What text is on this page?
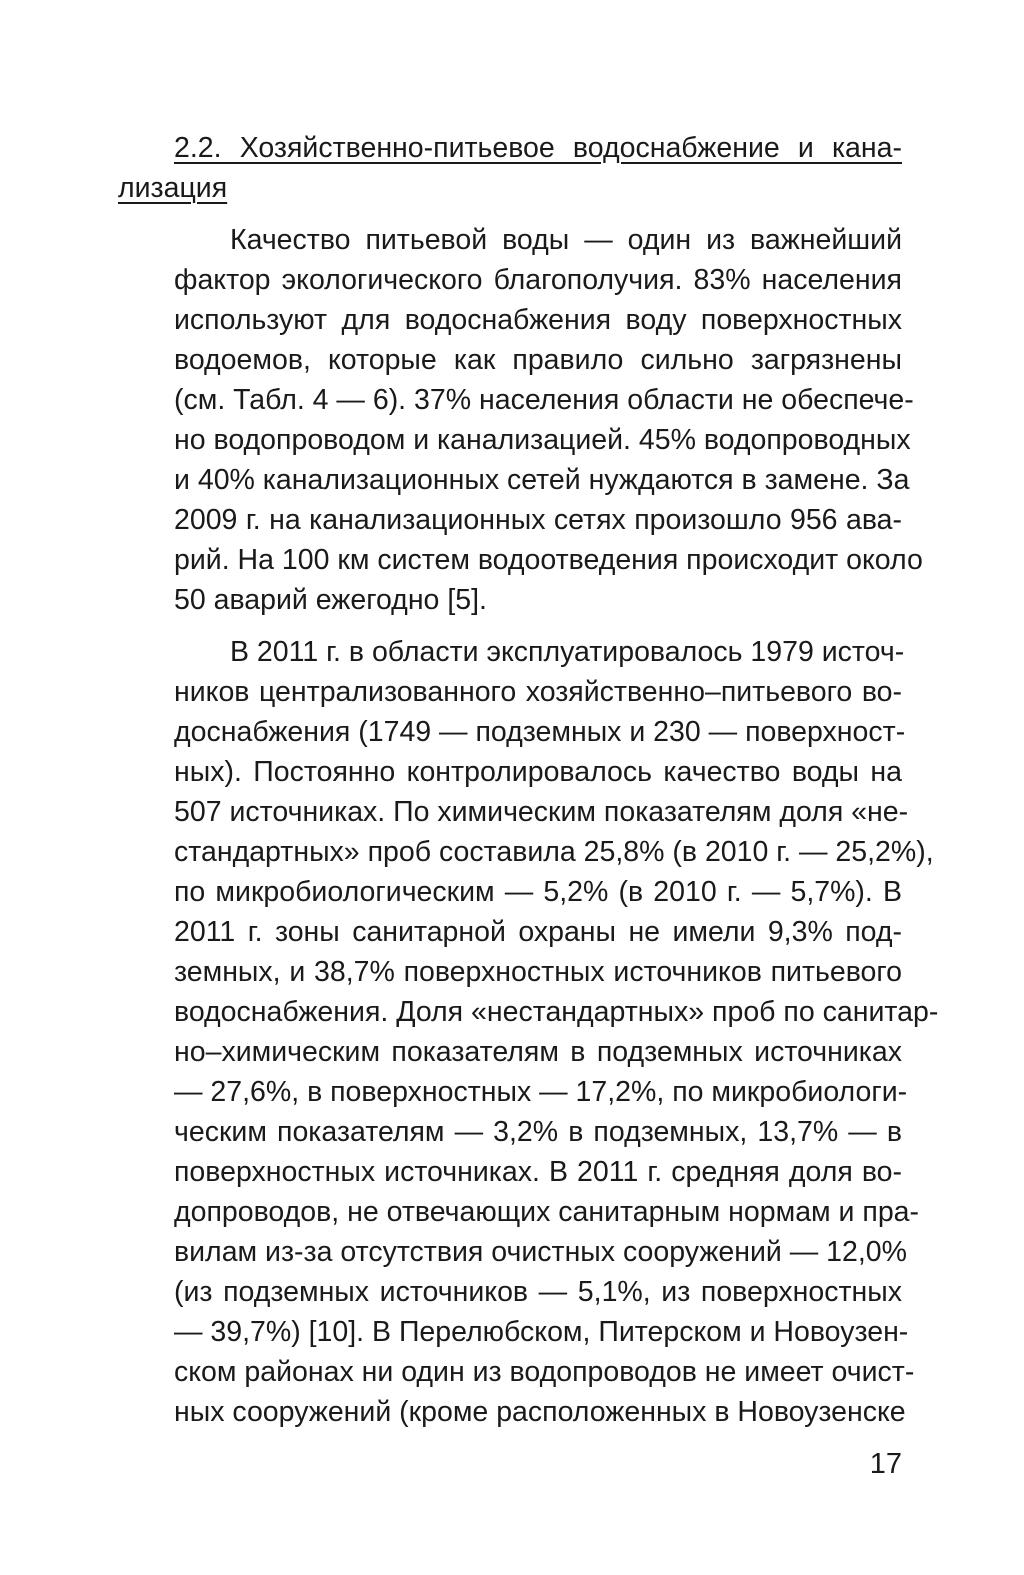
2.2. Хозяйственно-питьевое водоснабжение и кана-
лизация
Качество питьевой воды — один из важнейший
фактор экологического благополучия. 83% населения
используют для водоснабжения воду поверхностных
водоемов, которые как правило сильно загрязнены
(см. Табл. 4 — 6). 37% населения области не обеспече-
но водопроводом и канализацией. 45% водопроводных
и 40% канализационных сетей нуждаются в замене. За
2009 г. на канализационных сетях произошло 956 ава-
рий. На 100 км систем водоотведения происходит около
50 аварий ежегодно [5].
В 2011 г. в области эксплуатировалось 1979 источ-
ников централизованного хозяйственно–питьевого во-
доснабжения (1749 — подземных и 230 — поверхност-
ных). Постоянно контролировалось качество воды на
507 источниках. По химическим показателям доля «не-
стандартных» проб составила 25,8% (в 2010 г. — 25,2%),
по микробиологическим — 5,2% (в 2010 г. — 5,7%). В
2011 г. зоны санитарной охраны не имели 9,3% под-
земных, и 38,7% поверхностных источников питьевого
водоснабжения. Доля «нестандартных» проб по санитар-
но–химическим показателям в подземных источниках
— 27,6%, в поверхностных — 17,2%, по микробиологи-
ческим показателям — 3,2% в подземных, 13,7% — в
поверхностных источниках. В 2011 г. средняя доля во-
допроводов, не отвечающих санитарным нормам и пра-
вилам из-за отсутствия очистных сооружений — 12,0%
(из подземных источников — 5,1%, из поверхностных
— 39,7%) [10]. В Перелюбском, Питерском и Новоузен-
ском районах ни один из водопроводов не имеет очист-
ных сооружений (кроме расположенных в Новоузенске
17
